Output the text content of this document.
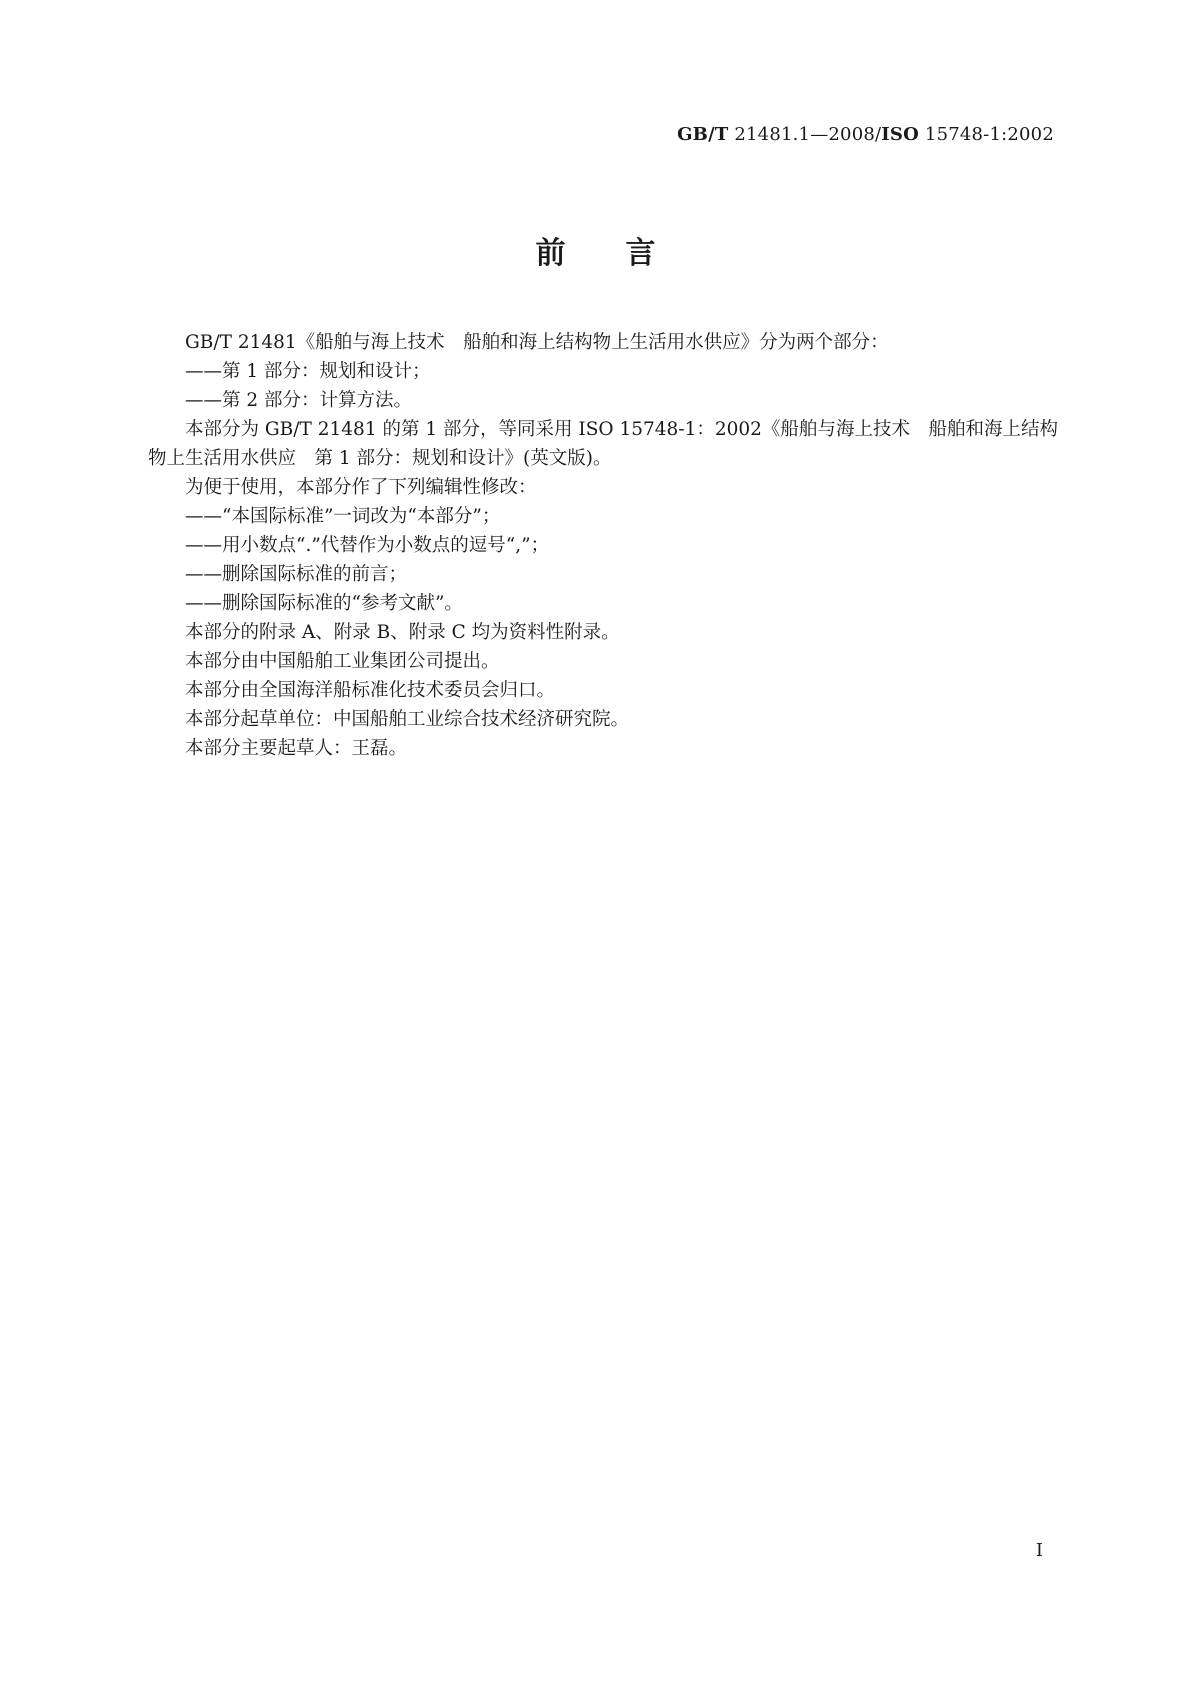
GB/T 21481.1—2008/ISO 15748-1:2002
前言

GB/T 21481《船舶与海上技术　船舶和海上结构物上生活用水供应》分为两个部分：

——第 1 部分：规划和设计；

——第 2 部分：计算方法。

本部分为 GB/T 21481 的第 1 部分，等同采用 ISO 15748-1：2002《船舶与海上技术　船舶和海上结构物上生活用水供应　第 1 部分：规划和设计》(英文版)。

为便于使用，本部分作了下列编辑性修改：

——“本国际标准”一词改为“本部分”；

——用小数点“.”代替作为小数点的逗号“,”；

——删除国际标准的前言；

——删除国际标准的“参考文献”。

本部分的附录 A、附录 B、附录 C 均为资料性附录。

本部分由中国船舶工业集团公司提出。

本部分由全国海洋船标准化技术委员会归口。

本部分起草单位：中国船舶工业综合技术经济研究院。

本部分主要起草人：王磊。

I
